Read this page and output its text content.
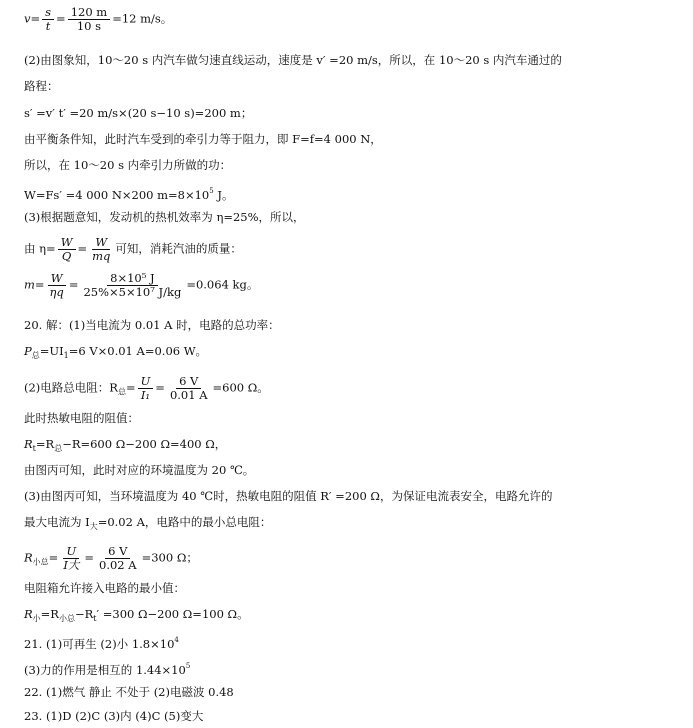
$v= \frac{s}{t} = \frac{120 m}{10 s} =12$ m/s。
(2)由图象知，10～20 s 内汽车做匀速直线运动，速度是 v′ =20 m/s，所以，在 10～20 s 内汽车通过的
路程：
s′ =v′ t′ =20 m/s×(20 s−10 s)=200 m；
由平衡条件知，此时汽车受到的牵引力等于阻力，即 F=f=4 000 N，
所以，在 10～20 s 内牵引力所做的功：
W=Fs′ =4 000 N×200 $m=8\times 10^5$ J。
(3)根据题意知，发动机的热机效率为 η=25%，所以，
由 $\eta= \frac{W}{Q} = \frac{W}{mq}$ 可知，消耗汽油的质量：
$m= \frac{W}{\eta q} = \frac{\text{8×10⁵ J}}{\text{25\%×5×10⁷ J/kg}} =0.064$ kg。
20. 解：(1)当电流为 0.01 A 时，电路的总功率：
$P_总=UI_1=6$ V×0.01 A=0.06 W。
(2)电路总电阻：$R_总= \frac{U}{\text{I₁}} = \frac{6 V}{0.01 A} =600$ Ω。
此时热敏电阻的阻值：
$R_t=R_总-R=600$ Ω−200 Ω=400 Ω，
由图丙可知，此时对应的环境温度为 20 ℃。
(3)由图丙可知，当环境温度为 40 ℃时，热敏电阻的阻值 R′ =200 Ω，为保证电流表安全，电路允许的
最大电流为 $I_大=0.02$ A，电路中的最小总电阻：
$R_{小总}= \frac{U}{\text{I大}} = \frac{6 V}{0.02 A} =300$ Ω；
电阻箱允许接入电路的最小值：
$R_小=R_{小总}-R_t' =300$ Ω−200 Ω=100 Ω。
21. (1)可再生 (2)小 $1.8\times 10^4$
(3)力的作用是相互的 $1.44\times 10^5$
22. (1)燃气 静止 不处于 (2)电磁波 0.48
23. (1)D (2)C (3)内 (4)C (5)变大
